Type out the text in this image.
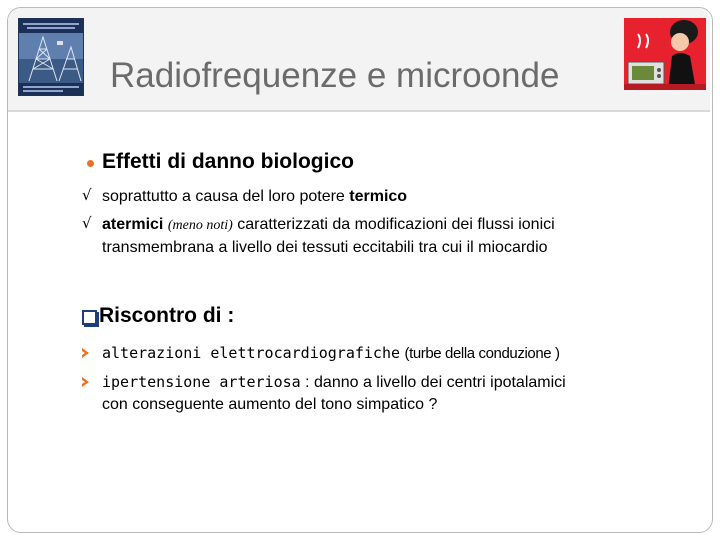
Radiofrequenze e microonde
Effetti di danno biologico
√ soprattutto a causa del loro potere termico
√ atermici (meno noti) caratterizzati da modificazioni dei flussi ionici
transmembrana a livello dei tessuti eccitabili tra cui il miocardio
Riscontro di :
alterazioni elettrocardiografiche (turbe della conduzione )
ipertensione arteriosa : danno a livello dei centri ipotalamici
con conseguente aumento del tono simpatico ?
